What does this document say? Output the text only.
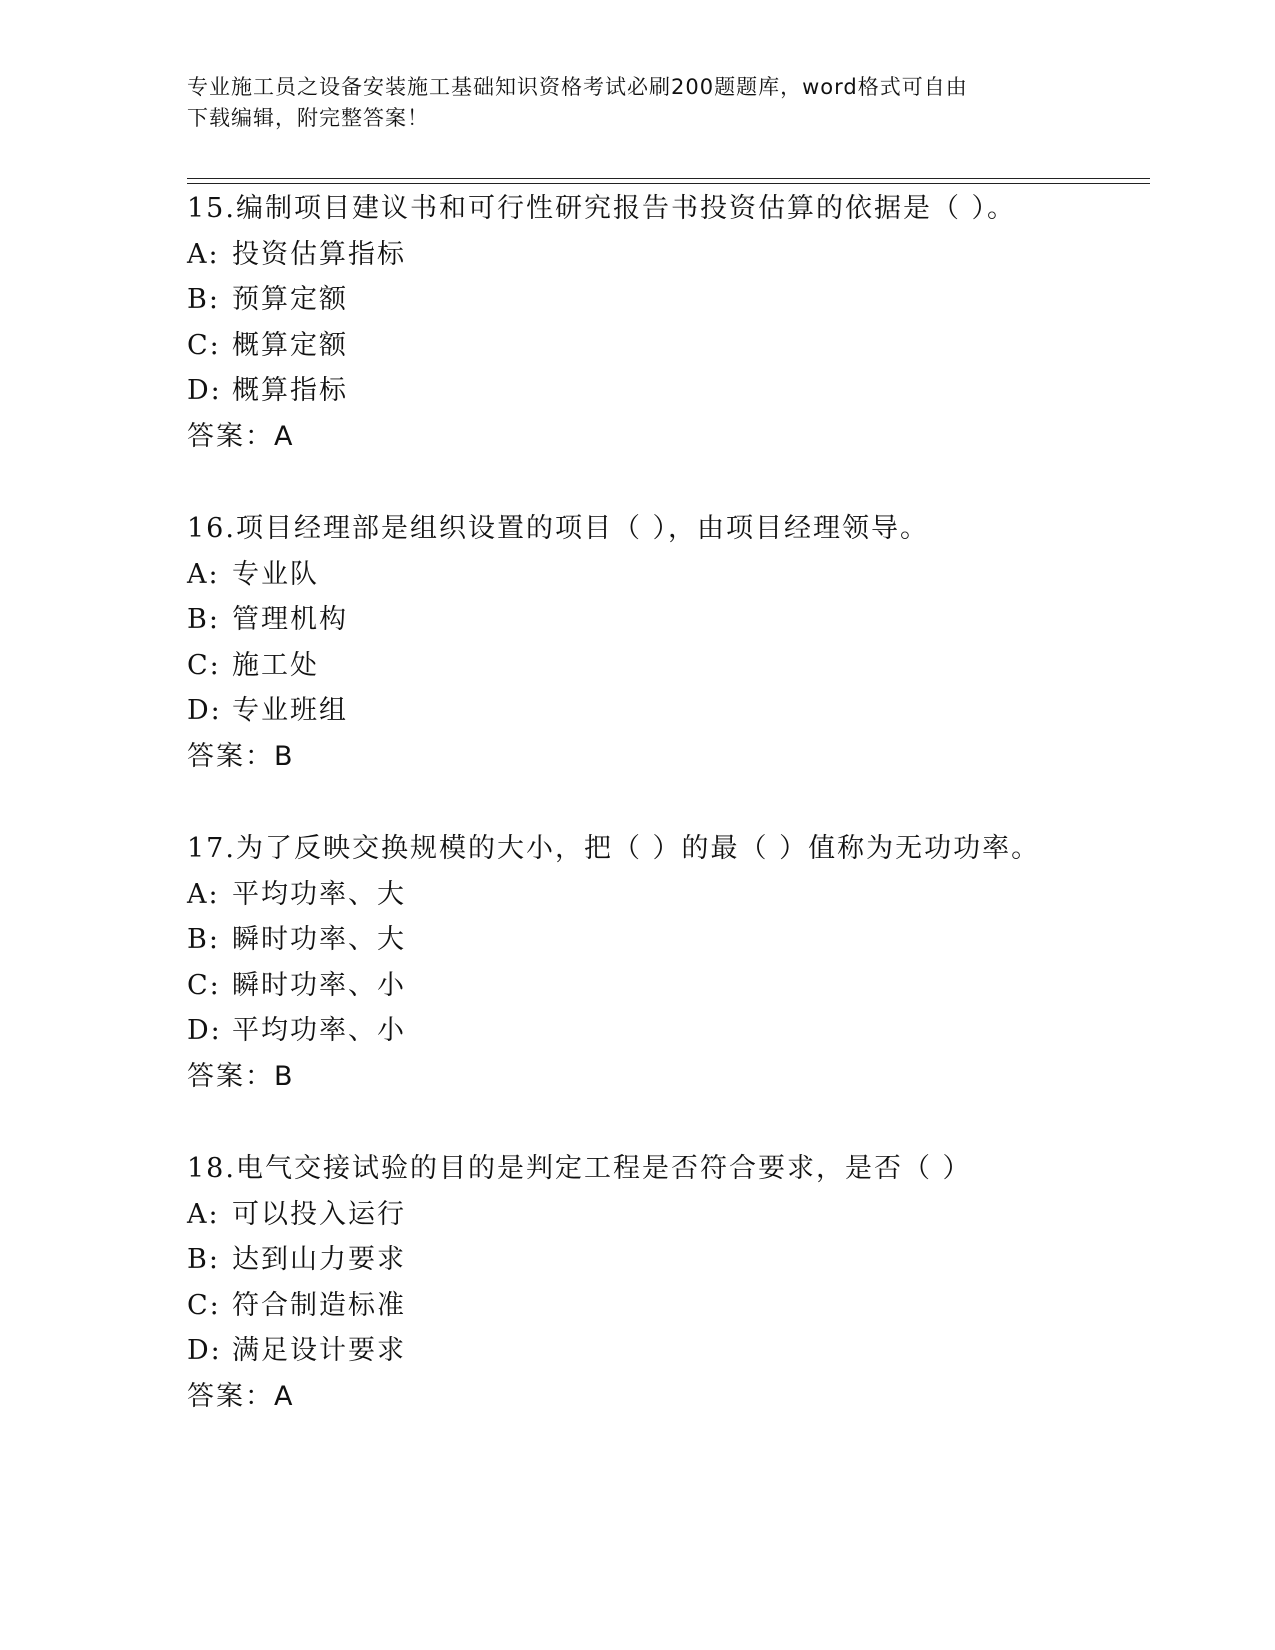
专业施工员之设备安装施工基础知识资格考试必刷200题题库，word格式可自由
下载编辑，附完整答案！
15.编制项目建议书和可行性研究报告书投资估算的依据是（ ）。
A: 投资估算指标
B: 预算定额
C: 概算定额
D: 概算指标
答案：A
16.项目经理部是组织设置的项目（ ），由项目经理领导。
A: 专业队
B: 管理机构
C: 施工处
D: 专业班组
答案：B
17.为了反映交换规模的大小，把（ ）的最（ ）值称为无功功率。
A: 平均功率、大
B: 瞬时功率、大
C: 瞬时功率、小
D: 平均功率、小
答案：B
18.电气交接试验的目的是判定工程是否符合要求，是否（ ）
A: 可以投入运行
B: 达到山力要求
C: 符合制造标准
D: 满足设计要求
答案：A
